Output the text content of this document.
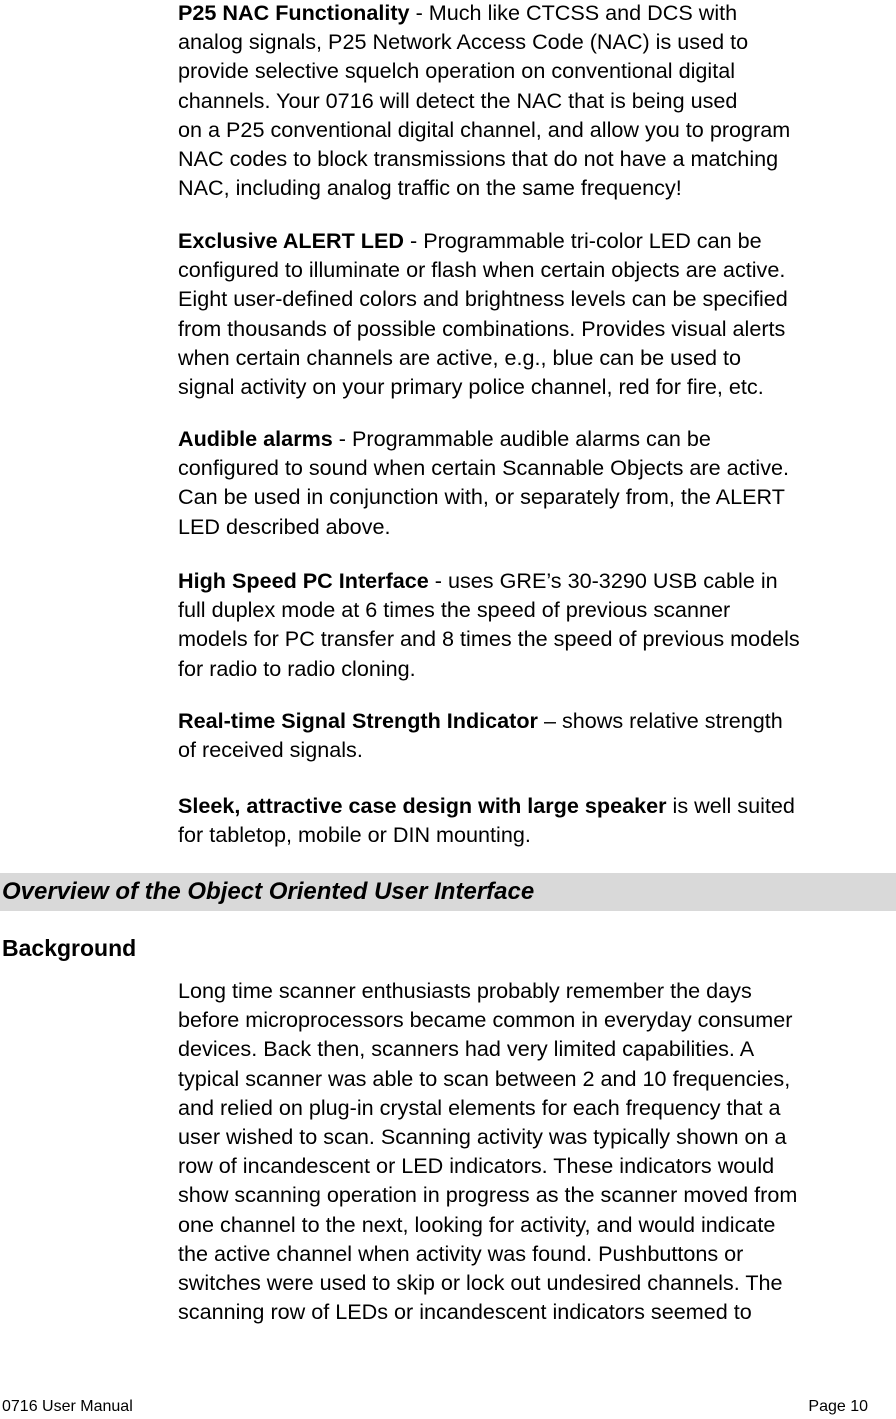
P25 NAC Functionality - Much like CTCSS and DCS with
analog signals, P25 Network Access Code (NAC) is used to
provide selective squelch operation on conventional digital
channels. Your 0716 will detect the NAC that is being used
on a P25 conventional digital channel, and allow you to program
NAC codes to block transmissions that do not have a matching
NAC, including analog traffic on the same frequency!
Exclusive ALERT LED - Programmable tri-color LED can be
configured to illuminate or flash when certain objects are active.
Eight user-defined colors and brightness levels can be specified
from thousands of possible combinations. Provides visual alerts
when certain channels are active, e.g., blue can be used to
signal activity on your primary police channel, red for fire, etc.
Audible alarms - Programmable audible alarms can be
configured to sound when certain Scannable Objects are active.
Can be used in conjunction with, or separately from, the ALERT
LED described above.
High Speed PC Interface - uses GRE’s 30-3290 USB cable in
full duplex mode at 6 times the speed of previous scanner
models for PC transfer and 8 times the speed of previous models
for radio to radio cloning.
Real-time Signal Strength Indicator – shows relative strength
of received signals.
Sleek, attractive case design with large speaker is well suited
for tabletop, mobile or DIN mounting.
Overview of the Object Oriented User Interface
Background
Long time scanner enthusiasts probably remember the days
before microprocessors became common in everyday consumer
devices. Back then, scanners had very limited capabilities. A
typical scanner was able to scan between 2 and 10 frequencies,
and relied on plug-in crystal elements for each frequency that a
user wished to scan. Scanning activity was typically shown on a
row of incandescent or LED indicators. These indicators would
show scanning operation in progress as the scanner moved from
one channel to the next, looking for activity, and would indicate
the active channel when activity was found. Pushbuttons or
switches were used to skip or lock out undesired channels. The
scanning row of LEDs or incandescent indicators seemed to
0716 User Manual	Page 10
